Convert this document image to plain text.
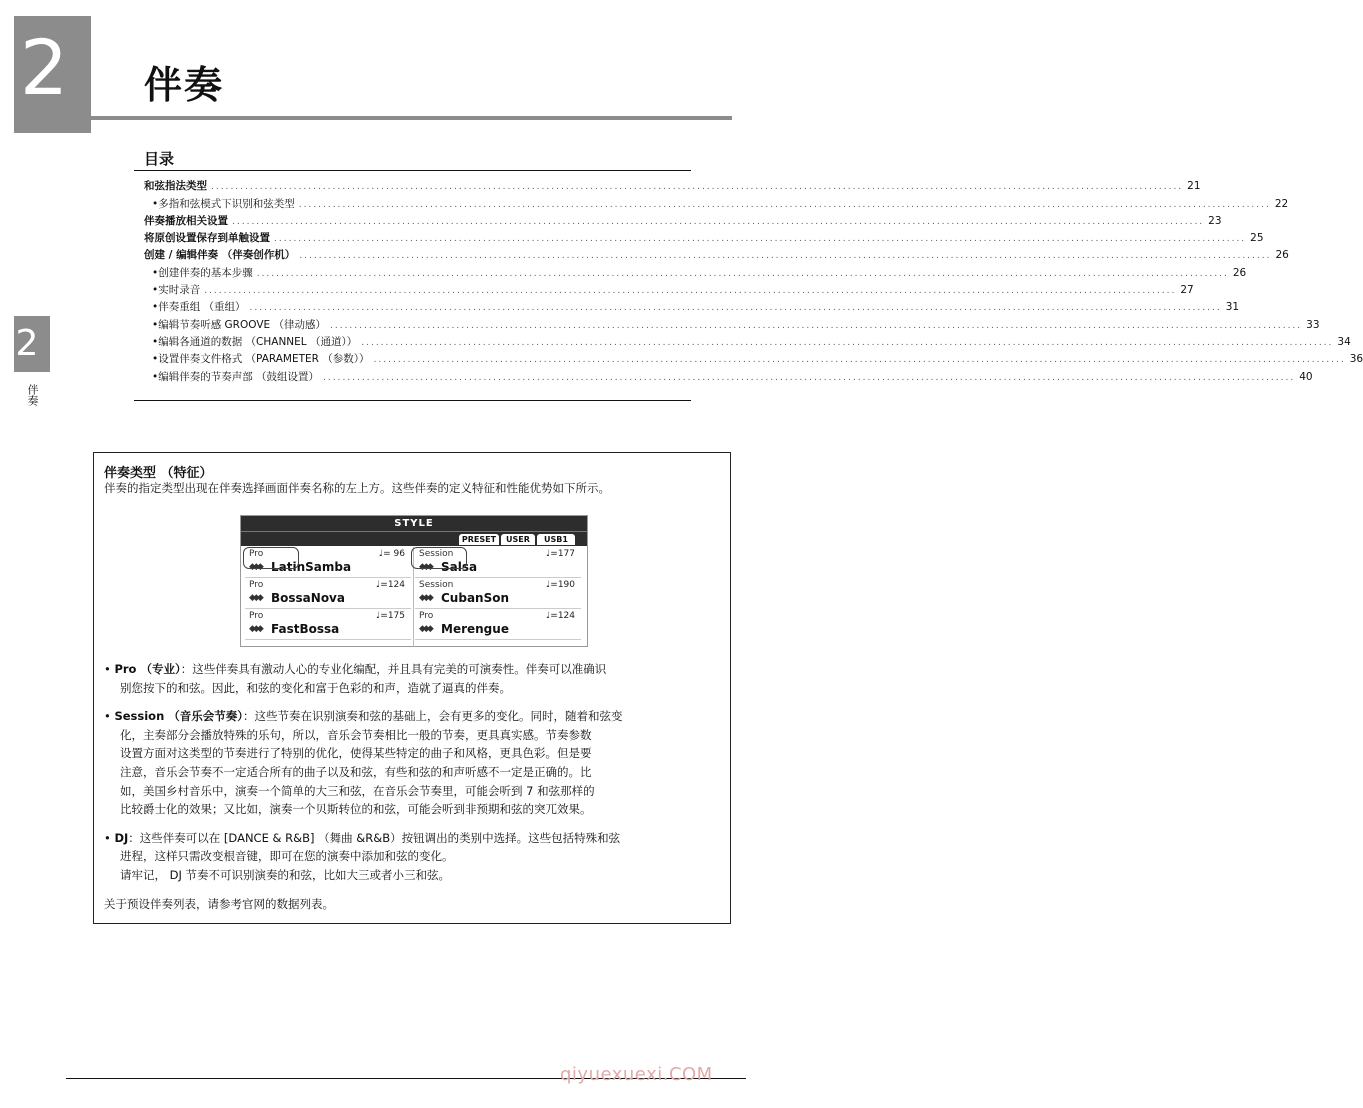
2 伴奏
2
伴奏
目录
和弦指法类型 ........................................................................................................................................................................................................ 21
• 多指和弦模式下识别和弦类型 ........................................................................................................................................................................................................ 22
伴奏播放相关设置 ........................................................................................................................................................................................................ 23
将原创设置保存到单触设置 ........................................................................................................................................................................................................ 25
创建 / 编辑伴奏 （伴奏创作机） ........................................................................................................................................................................................................ 26
• 创建伴奏的基本步骤 ........................................................................................................................................................................................................ 26
• 实时录音 ........................................................................................................................................................................................................ 27
• 伴奏重组 （重组） ........................................................................................................................................................................................................ 31
• 编辑节奏听感 GROOVE （律动感） ........................................................................................................................................................................................................ 33
• 编辑各通道的数据 （CHANNEL （通道）） ........................................................................................................................................................................................................ 34
• 设置伴奏文件格式 （PARAMETER （参数）） ........................................................................................................................................................................................................ 36
• 编辑伴奏的节奏声部 （鼓组设置） ........................................................................................................................................................................................................ 40
伴奏类型 （特征）
伴奏的指定类型出现在伴奏选择画面伴奏名称的左上方。这些伴奏的定义特征和性能优势如下所示。
STYLE
PRESET	USER	USB1
Pro	♩= 96
LatinSamba
◆◆◆
Session	♩=177
Salsa
◆◆◆
Pro	♩=124
BossaNova
◆◆◆
Session	♩=190
CubanSon
◆◆◆
Pro	♩=175
FastBossa
◆◆◆
Pro	♩=124
Merengue
◆◆◆
• Pro （专业）：这些伴奏具有激动人心的专业化编配，并且具有完美的可演奏性。伴奏可以准确识
别您按下的和弦。因此，和弦的变化和富于色彩的和声，造就了逼真的伴奏。
• Session （音乐会节奏）：这些节奏在识别演奏和弦的基础上，会有更多的变化。同时，随着和弦变
化，主奏部分会播放特殊的乐句，所以，音乐会节奏相比一般的节奏，更具真实感。节奏参数
设置方面对这类型的节奏进行了特别的优化，使得某些特定的曲子和风格，更具色彩。但是要
注意，音乐会节奏不一定适合所有的曲子以及和弦，有些和弦的和声听感不一定是正确的。比
如，美国乡村音乐中，演奏一个简单的大三和弦，在音乐会节奏里，可能会听到 7 和弦那样的
比较爵士化的效果；又比如，演奏一个贝斯转位的和弦，可能会听到非预期和弦的突兀效果。
• DJ：这些伴奏可以在 [DANCE & R&B] （舞曲 &R&B）按钮调出的类别中选择。这些包括特殊和弦
进程，这样只需改变根音键，即可在您的演奏中添加和弦的变化。
请牢记， DJ 节奏不可识别演奏的和弦，比如大三或者小三和弦。
关于预设伴奏列表，请参考官网的数据列表。
qiyuexuexi.COM
